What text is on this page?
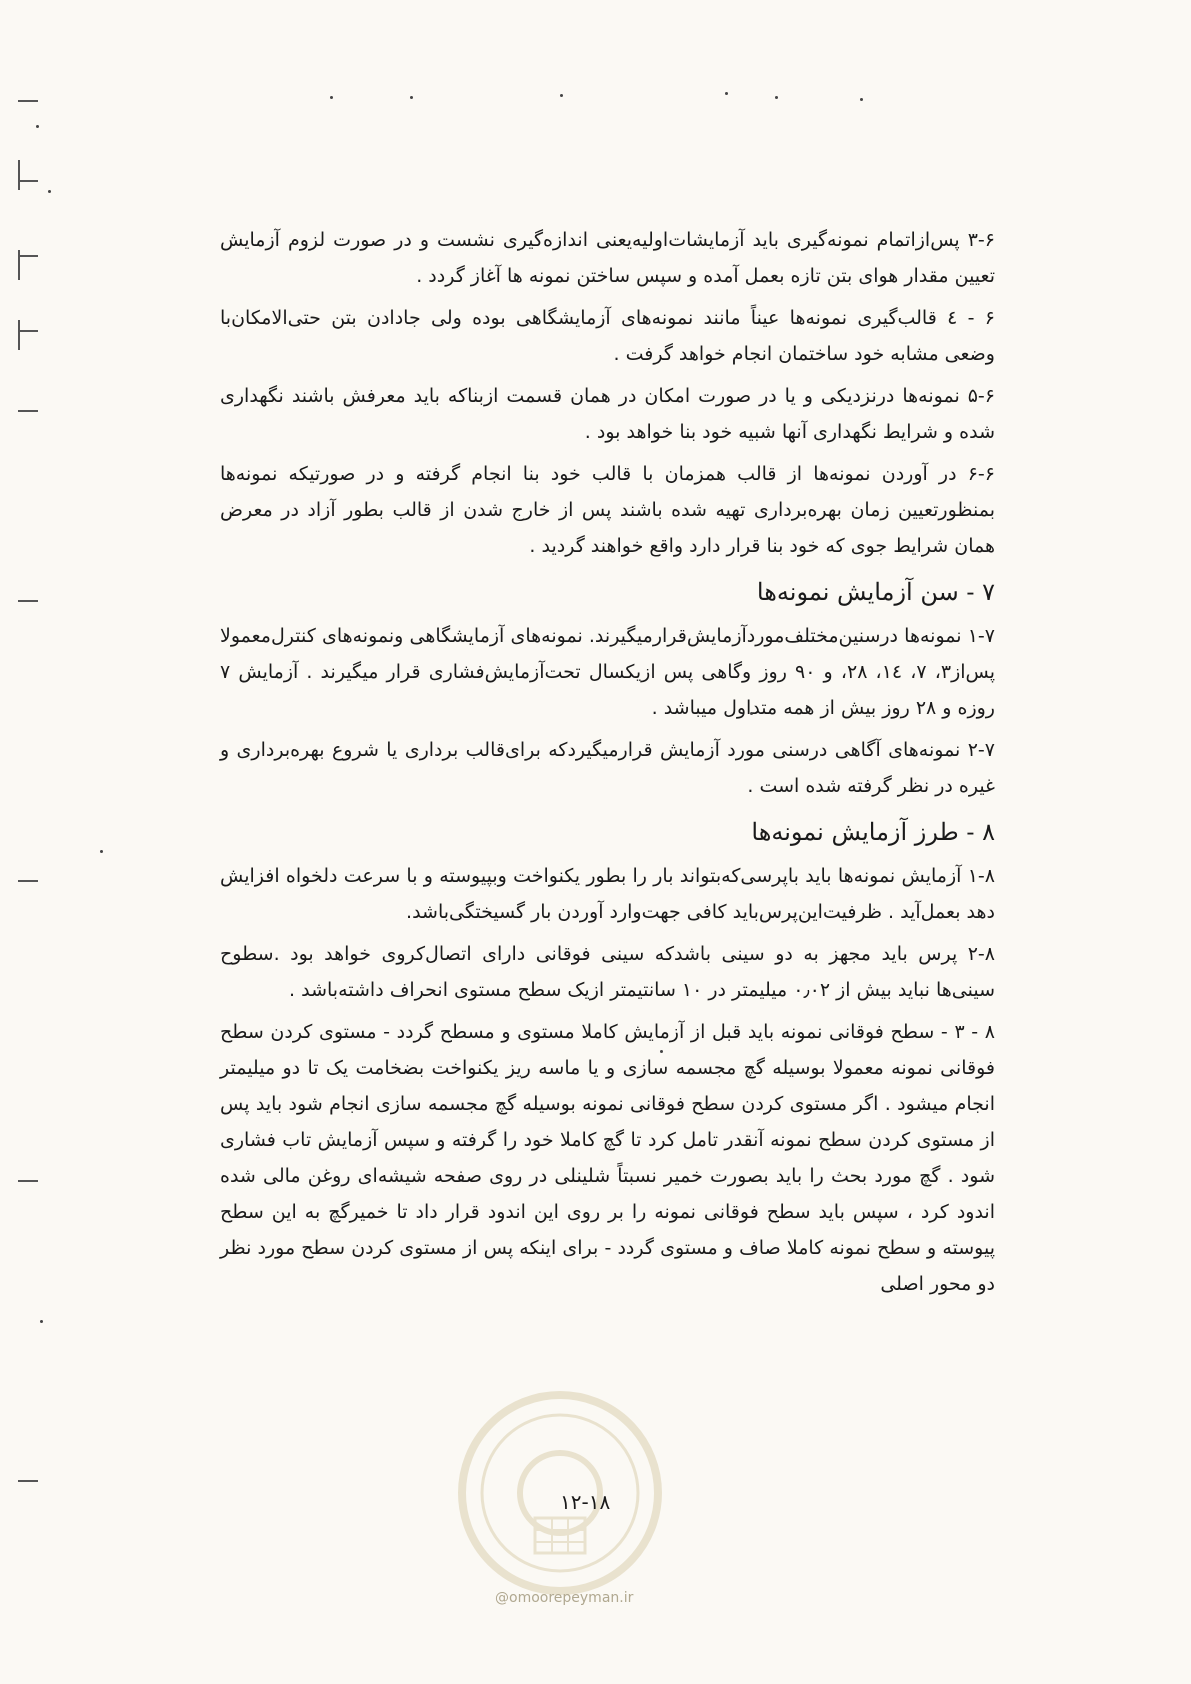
۳-۶ پس‌ازاتمام نمونه‌گیری باید آزمایشات‌اولیه‌یعنی اندازه‌گیری نشست و در صورت لزوم آزمایش تعیین مقدار هوای بتن تازه بعمل آمده و سپس ساختن نمونه ها آغاز گردد .

۶ - ٤ قالب‌گیری نمونه‌ها عیناً مانند نمونه‌های آزمایشگاهی بوده ولی جادادن بتن حتی‌الامکان‌با وضعی مشابه خود ساختمان انجام خواهد گرفت .

۵-۶ نمونه‌ها درنزدیکی و یا در صورت امکان در همان قسمت ازبناکه باید معرفش باشند نگهداری شده و شرایط نگهداری آنها شبیه خود بنا خواهد بود .

۶-۶ در آوردن نمونه‌ها از قالب همزمان با قالب خود بنا انجام گرفته و در صورتیکه نمونه‌ها بمنظورتعیین زمان بهره‌برداری تهیه شده باشند پس از خارج شدن از قالب بطور آزاد در معرض همان شرایط جوی که خود بنا قرار دارد واقع خواهند گردید .

۷ - سن آزمایش نمونه‌ها

۱-۷ نمونه‌ها درسنین‌مختلف‌مورد‌آزمایش‌قرارمیگیرند. نمونه‌های آزمایشگاهی ونمونه‌های کنترل‌معمولا پس‌از۳، ۷، ١٤، ۲۸، و ۹۰ روز وگاهی پس ازیکسال تحت‌آزمایش‌فشاری قرار میگیرند . آزمایش ۷ روزه و ۲۸ روز بیش از همه متداول میباشد .

۲-۷ نمونه‌های آگاهی درسنی مورد آزمایش قرارمیگیردکه برای‌قالب برداری یا شروع بهره‌برداری و غیره در نظر گرفته شده است .

۸ - طرز آزمایش نمونه‌ها

۱-۸ آزمایش نمونه‌ها باید باپرسی‌که‌بتواند بار را بطور یکنواخت وبپیوسته و با سرعت دلخواه افزایش دهد بعمل‌آید . ظرفیت‌این‌پرس‌باید کافی جهت‌وارد آوردن بار گسیختگی‌باشد.

۲-۸ پرس باید مجهز به دو سینی باشدکه سینی فوقانی دارای اتصال‌کروی خواهد بود .سطوح سینی‌ها نباید بیش از ۰٫۰۲ میلیمتر در ۱۰ سانتیمتر ازیک سطح مستوی انحراف داشته‌باشد .

۸ - ۳ - سطح فوقانی نمونه باید قبل از آزمایش کاملا مستوی و مسطح گردد - مستوی کردن سطح فوقانی نمونه معمولا بوسیله گچ مجسمه سازی و یا ماسه ریز یکنواخت بضخامت یک تا دو میلیمتر انجام میشود . اگر مستوی کردن سطح فوقانی نمونه بوسیله گچ مجسمه سازی انجام شود باید پس از مستوی کردن سطح نمونه آنقدر تامل کرد تا گچ کاملا خود را گرفته و سپس آزمایش تاب فشاری شود . گچ مورد بحث را باید بصورت خمیر نسبتاً شلینلی در روی صفحه شیشه‌ای روغن مالی شده اندود کرد ، سپس باید سطح فوقانی نمونه را بر روی این اندود قرار داد تا خمیرگچ به این سطح پیوسته و سطح نمونه کاملا صاف و مستوی گردد - برای اینکه پس از مستوی کردن سطح مورد نظر دو محور اصلی

۱۲-۱۸
@omoorepeyman.ir
